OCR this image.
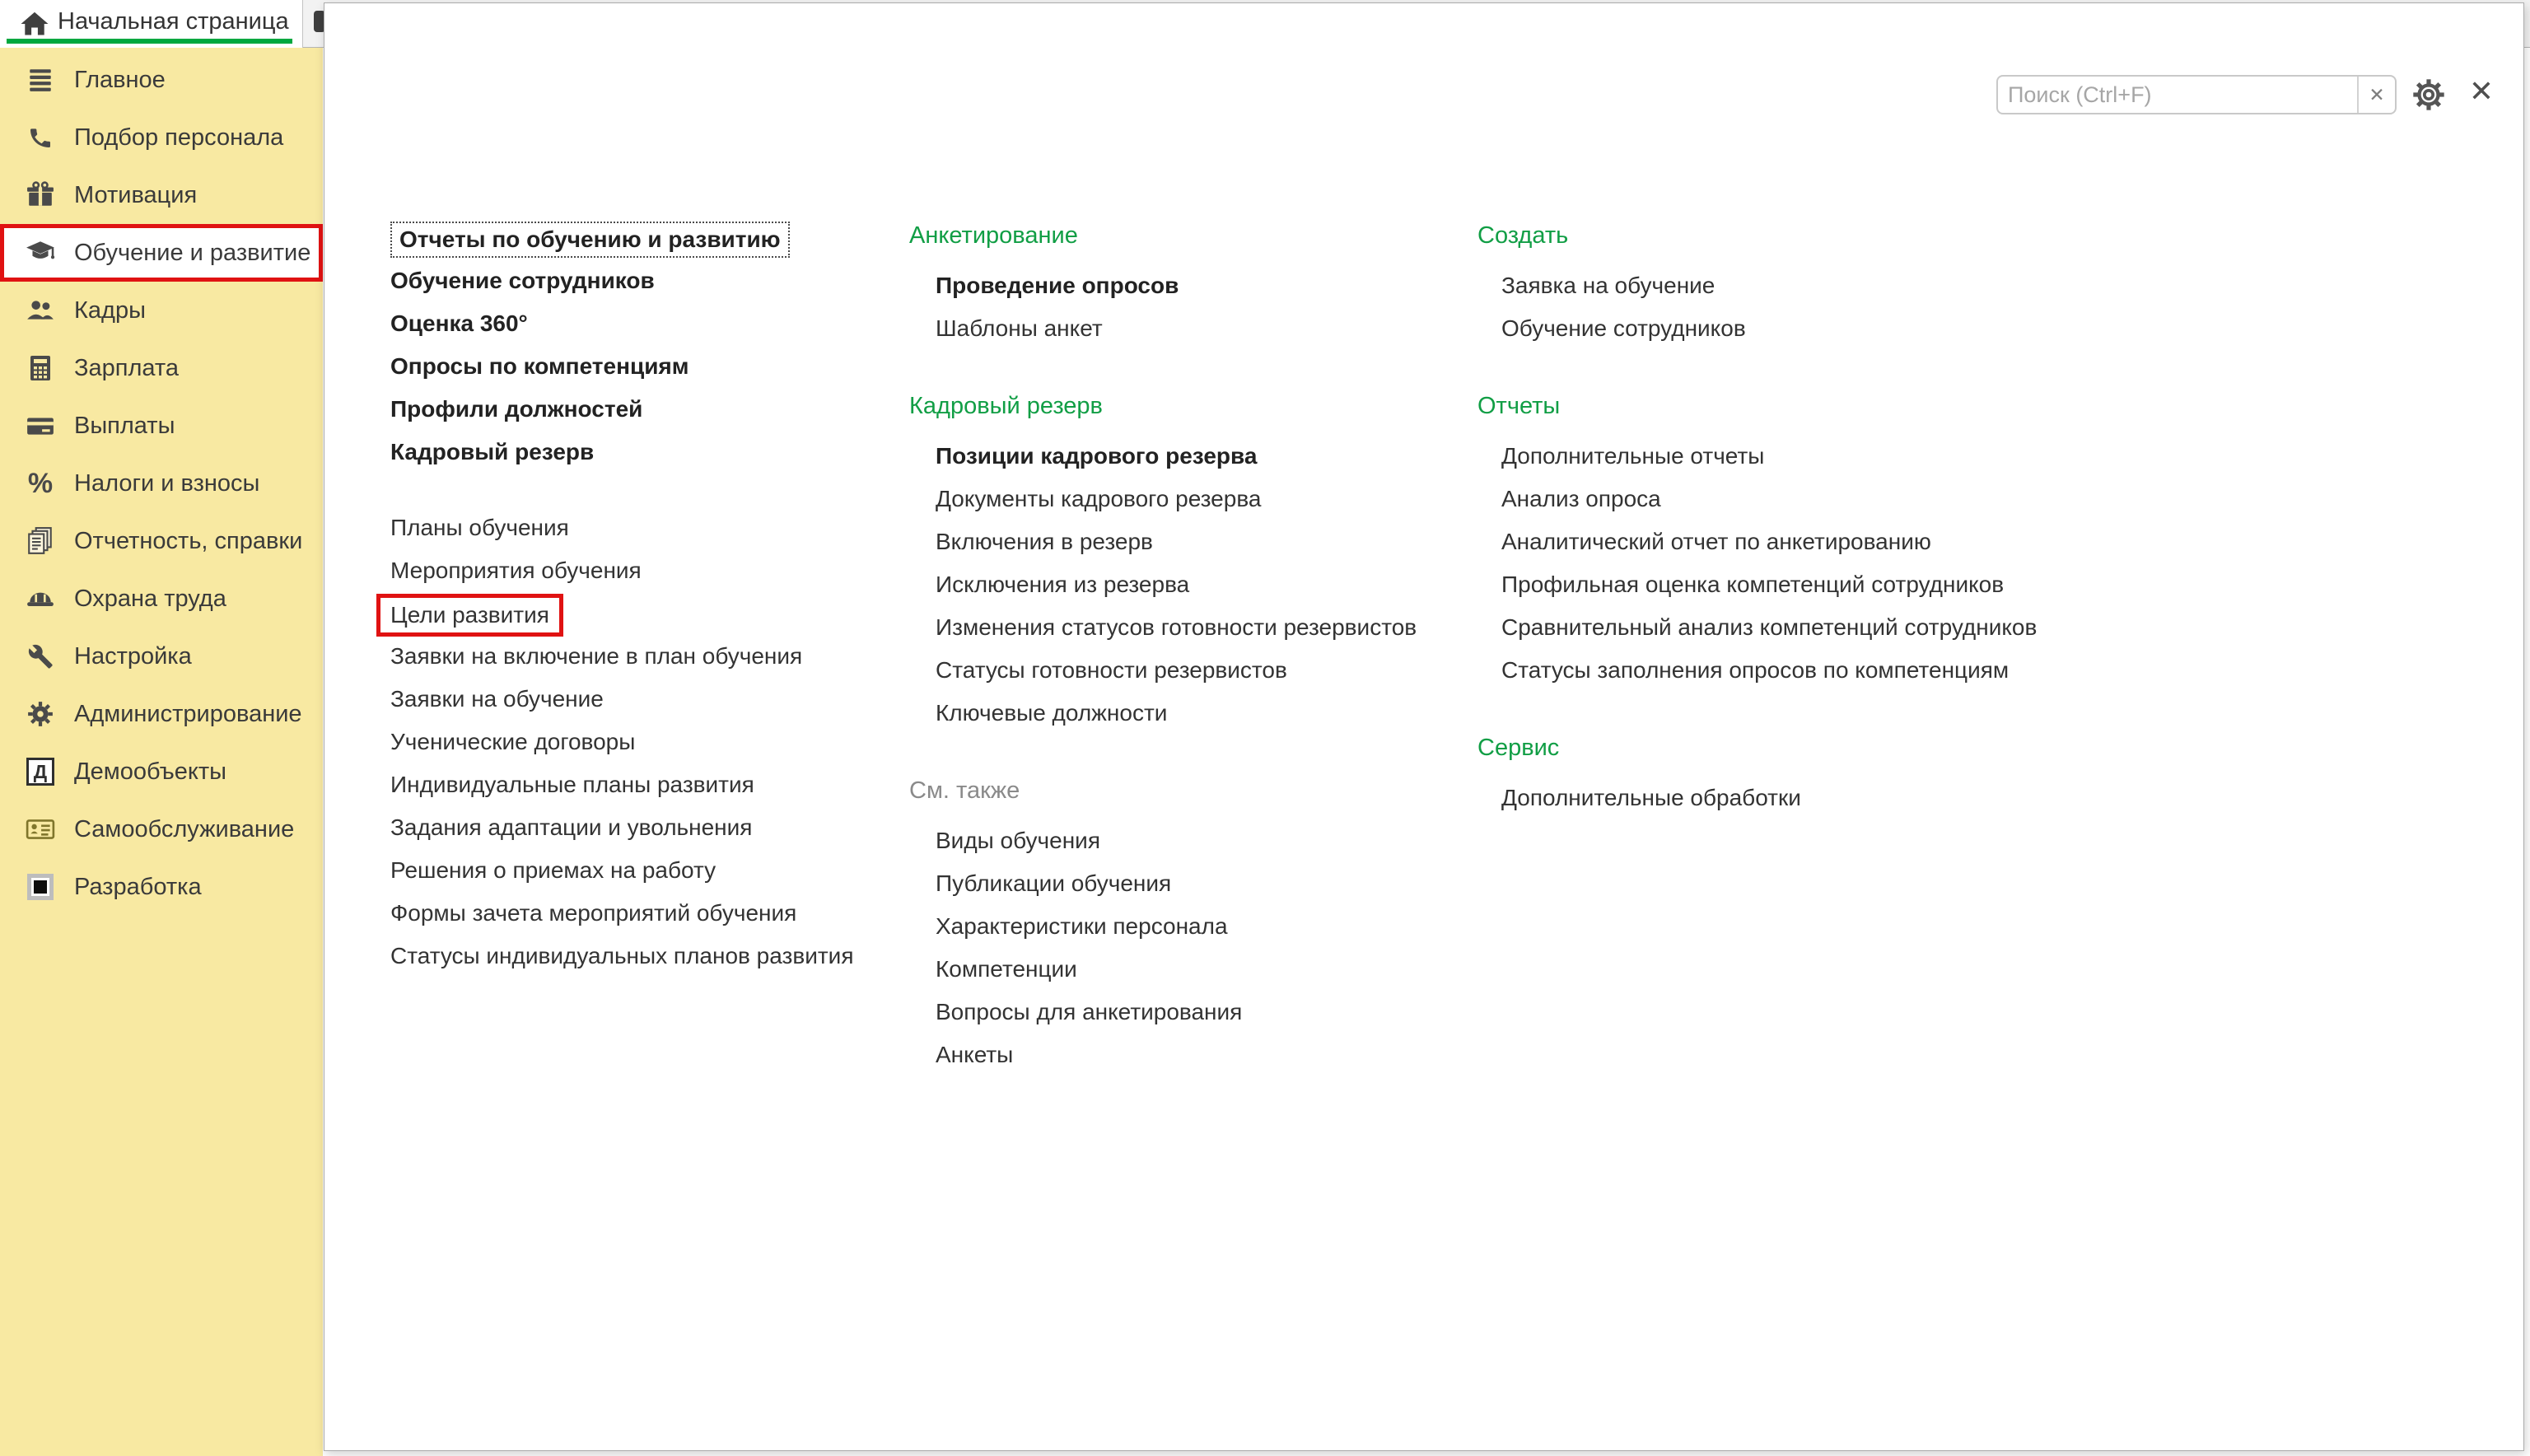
Начальная страница
Главное
Подбор персонала
Мотивация
Обучение и развитие
Кадры
Зарплата
Выплаты
% Налоги и взносы
Отчетность, справки
Охрана труда
Настройка
Администрирование
Д	Демообъекты
Самообслуживание
Разработка
Поиск (Ctrl+F)
✕	✕
Отчеты по обучению и развитию
Обучение сотрудников
Оценка 360°
Опросы по компетенциям
Профили должностей
Кадровый резерв
Планы обучения
Мероприятия обучения
Цели развития
Заявки на включение в план обучения
Заявки на обучение
Ученические договоры
Индивидуальные планы развития
Задания адаптации и увольнения
Решения о приемах на работу
Формы зачета мероприятий обучения
Статусы индивидуальных планов развития
Анкетирование
Проведение опросов
Шаблоны анкет
Кадровый резерв
Позиции кадрового резерва
Документы кадрового резерва
Включения в резерв
Исключения из резерва
Изменения статусов готовности резервистов
Статусы готовности резервистов
Ключевые должности
См. также
Виды обучения
Публикации обучения
Характеристики персонала
Компетенции
Вопросы для анкетирования
Анкеты
Создать
Заявка на обучение
Обучение сотрудников
Отчеты
Дополнительные отчеты
Анализ опроса
Аналитический отчет по анкетированию
Профильная оценка компетенций сотрудников
Сравнительный анализ компетенций сотрудников
Статусы заполнения опросов по компетенциям
Сервис
Дополнительные обработки
